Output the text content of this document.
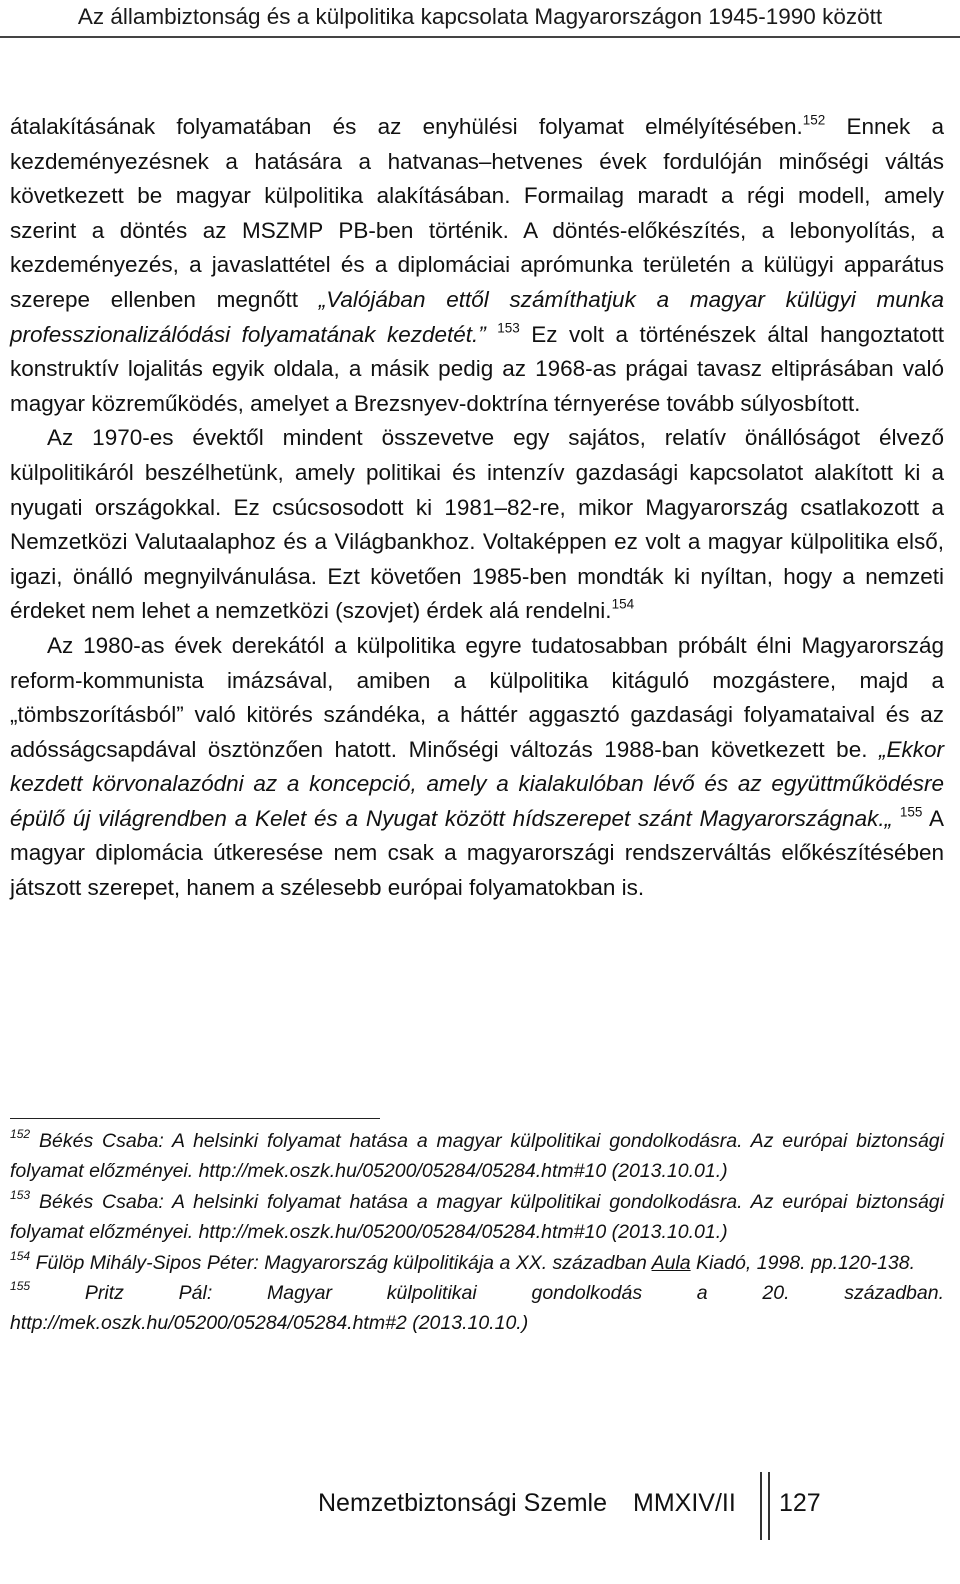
Az állambiztonság és a külpolitika kapcsolata Magyarországon 1945-1990 között

átalakításának folyamatában és az enyhülési folyamat elmélyítésében.$^{152}$ Ennek a kezdeményezésnek a hatására a hatvanas–hetvenes évek fordulóján minőségi váltás következett be magyar külpolitika alakításában. Formailag maradt a régi modell, amely szerint a döntés az MSZMP PB-ben történik. A döntés-előkészítés, a lebonyolítás, a kezdeményezés, a javaslattétel és a diplomáciai aprómunka területén a külügyi apparátus szerepe ellenben megnőtt „Valójában ettől számíthatjuk a magyar külügyi munka professzionalizálódási folyamatának kezdetét.” $^{153}$ Ez volt a történészek által hangoztatott konstruktív lojalitás egyik oldala, a másik pedig az 1968-as prágai tavasz eltiprásában való magyar közreműködés, amelyet a Brezsnyev-doktrína térnyerése tovább súlyosbított.

Az 1970-es évektől mindent összevetve egy sajátos, relatív önállóságot élvező külpolitikáról beszélhetünk, amely politikai és intenzív gazdasági kapcsolatot alakított ki a nyugati országokkal. Ez csúcsosodott ki 1981–82-re, mikor Magyarország csatlakozott a Nemzetközi Valutaalaphoz és a Világbankhoz. Voltaképpen ez volt a magyar külpolitika első, igazi, önálló megnyilvánulása. Ezt követően 1985-ben mondták ki nyíltan, hogy a nemzeti érdeket nem lehet a nemzetközi (szovjet) érdek alá rendelni.$^{154}$

Az 1980-as évek derekától a külpolitika egyre tudatosabban próbált élni Magyarország reform-kommunista imázsával, amiben a külpolitika kitáguló mozgástere, majd a „tömbszorításból” való kitörés szándéka, a háttér aggasztó gazdasági folyamataival és az adósságcsapdával ösztönzően hatott. Minőségi változás 1988-ban következett be. „Ekkor kezdett körvonalazódni az a koncepció, amely a kialakulóban lévő és az együttműködésre épülő új világrendben a Kelet és a Nyugat között hídszerepet szánt Magyarországnak.„ $^{155}$ A magyar diplomácia útkeresése nem csak a magyarországi rendszerváltás előkészítésében játszott szerepet, hanem a szélesebb európai folyamatokban is.

$^{152}$ Békés Csaba: A helsinki folyamat hatása a magyar külpolitikai gondolkodásra. Az európai biztonsági folyamat előzményei. http://mek.oszk.hu/05200/05284/05284.htm#10 (2013.10.01.)

$^{153}$ Békés Csaba: A helsinki folyamat hatása a magyar külpolitikai gondolkodásra. Az európai biztonsági folyamat előzményei. http://mek.oszk.hu/05200/05284/05284.htm#10 (2013.10.01.)

$^{154}$ Fülöp Mihály-Sipos Péter: Magyarország külpolitikája a XX. században Aula Kiadó, 1998. pp.120-138.

$^{155}$	Pritz Pál: Magyar külpolitikai gondolkodás a 20. században. http://mek.oszk.hu/05200/05284/05284.htm#2 (2013.10.10.)

Nemzetbiztonsági Szemle MMXIV/II 127
